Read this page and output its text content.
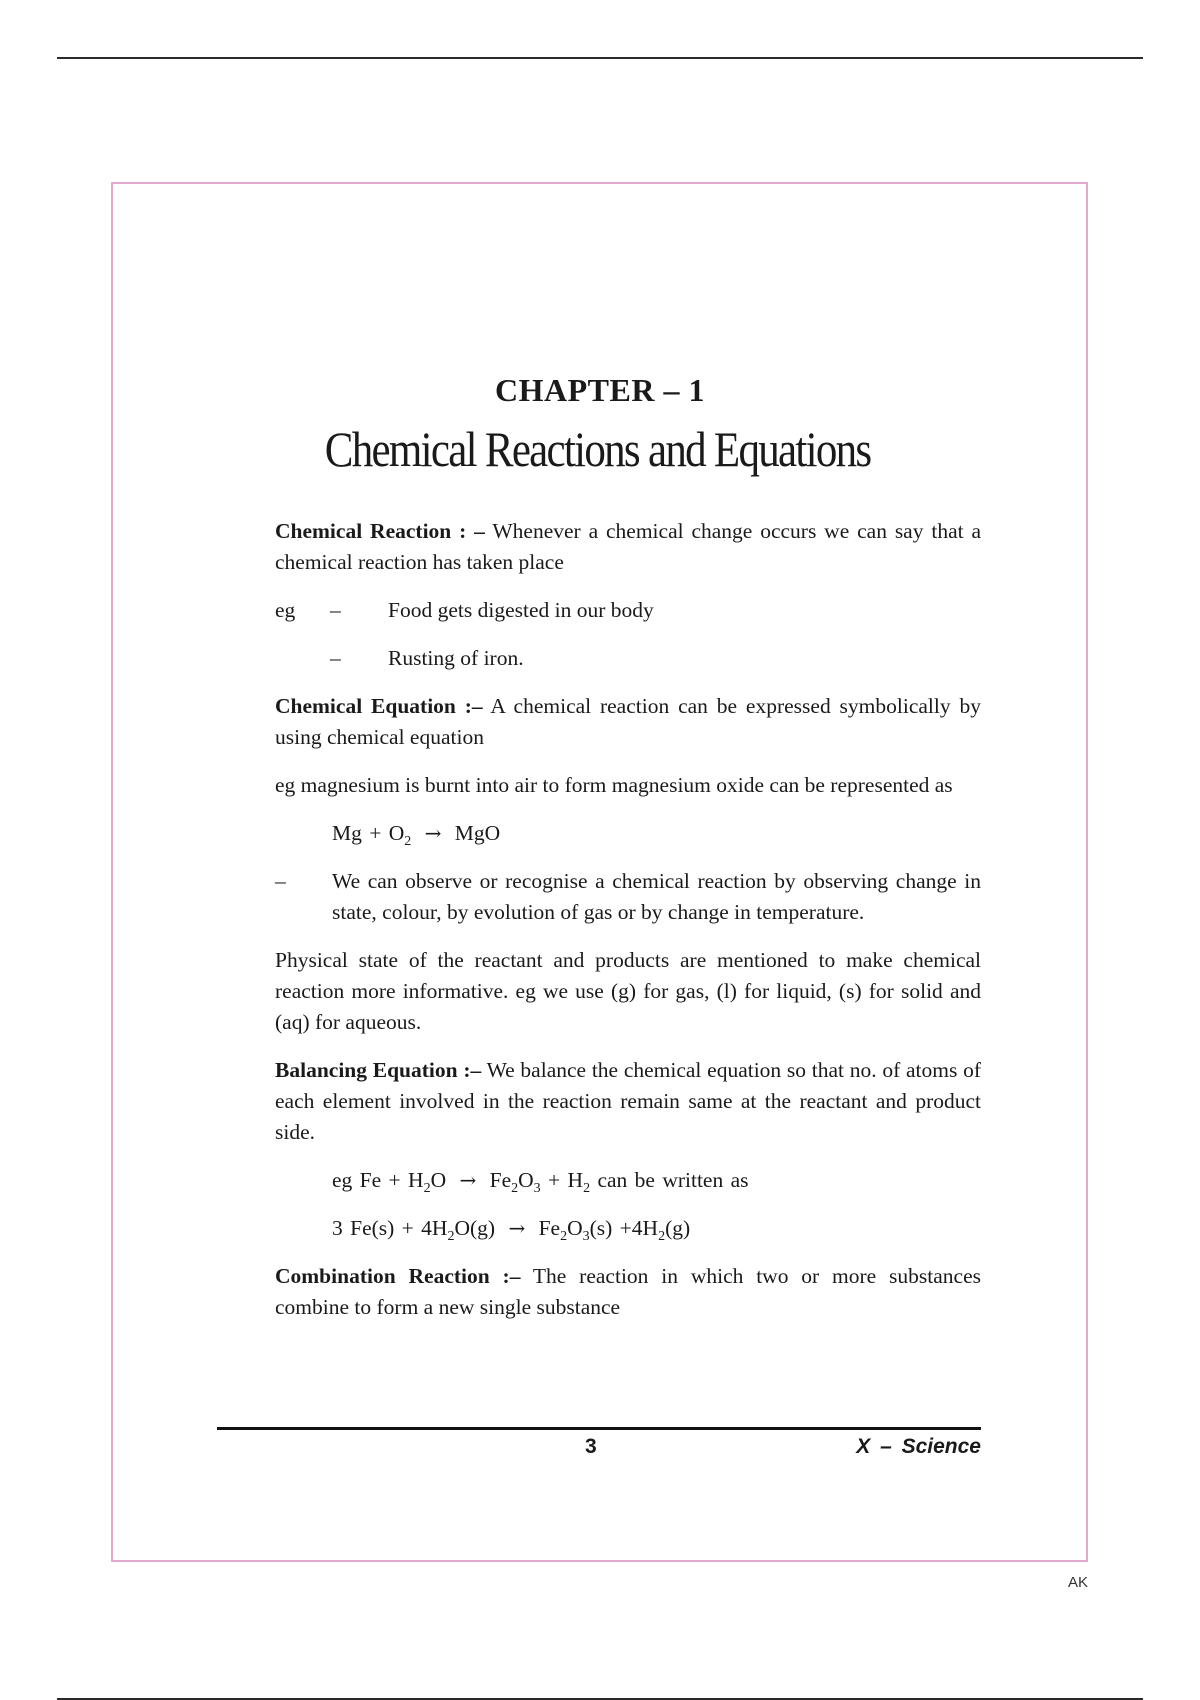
CHAPTER – 1
Chemical Reactions and Equations

Chemical Reaction : – Whenever a chemical change occurs we can say that a chemical reaction has taken place

eg	–	Food gets digested in our body
–	Rusting of iron.

Chemical Equation :– A chemical reaction can be expressed symbolically by using chemical equation

eg magnesium is burnt into air to form magnesium oxide can be represented as

$Mg + O_2$ → MgO
–	We can observe or recognise a chemical reaction by observing change in state, colour, by evolution of gas or by change in temperature.

Physical state of the reactant and products are mentioned to make chemical reaction more informative. eg we use (g) for gas, (l) for liquid, (s) for solid and (aq) for aqueous.

Balancing Equation :– We balance the chemical equation so that no. of atoms of each element involved in the reaction remain same at the reactant and product side.

eg $Fe + H_2O \to Fe_2O_3 + H_2$ can be written as
3 $Fe(s) + 4H_2O(g) \to Fe_2O_3(s) +4H_2(g)$

Combination Reaction :– The reaction in which two or more substances combine to form a new single substance

3	X – Science
AK
